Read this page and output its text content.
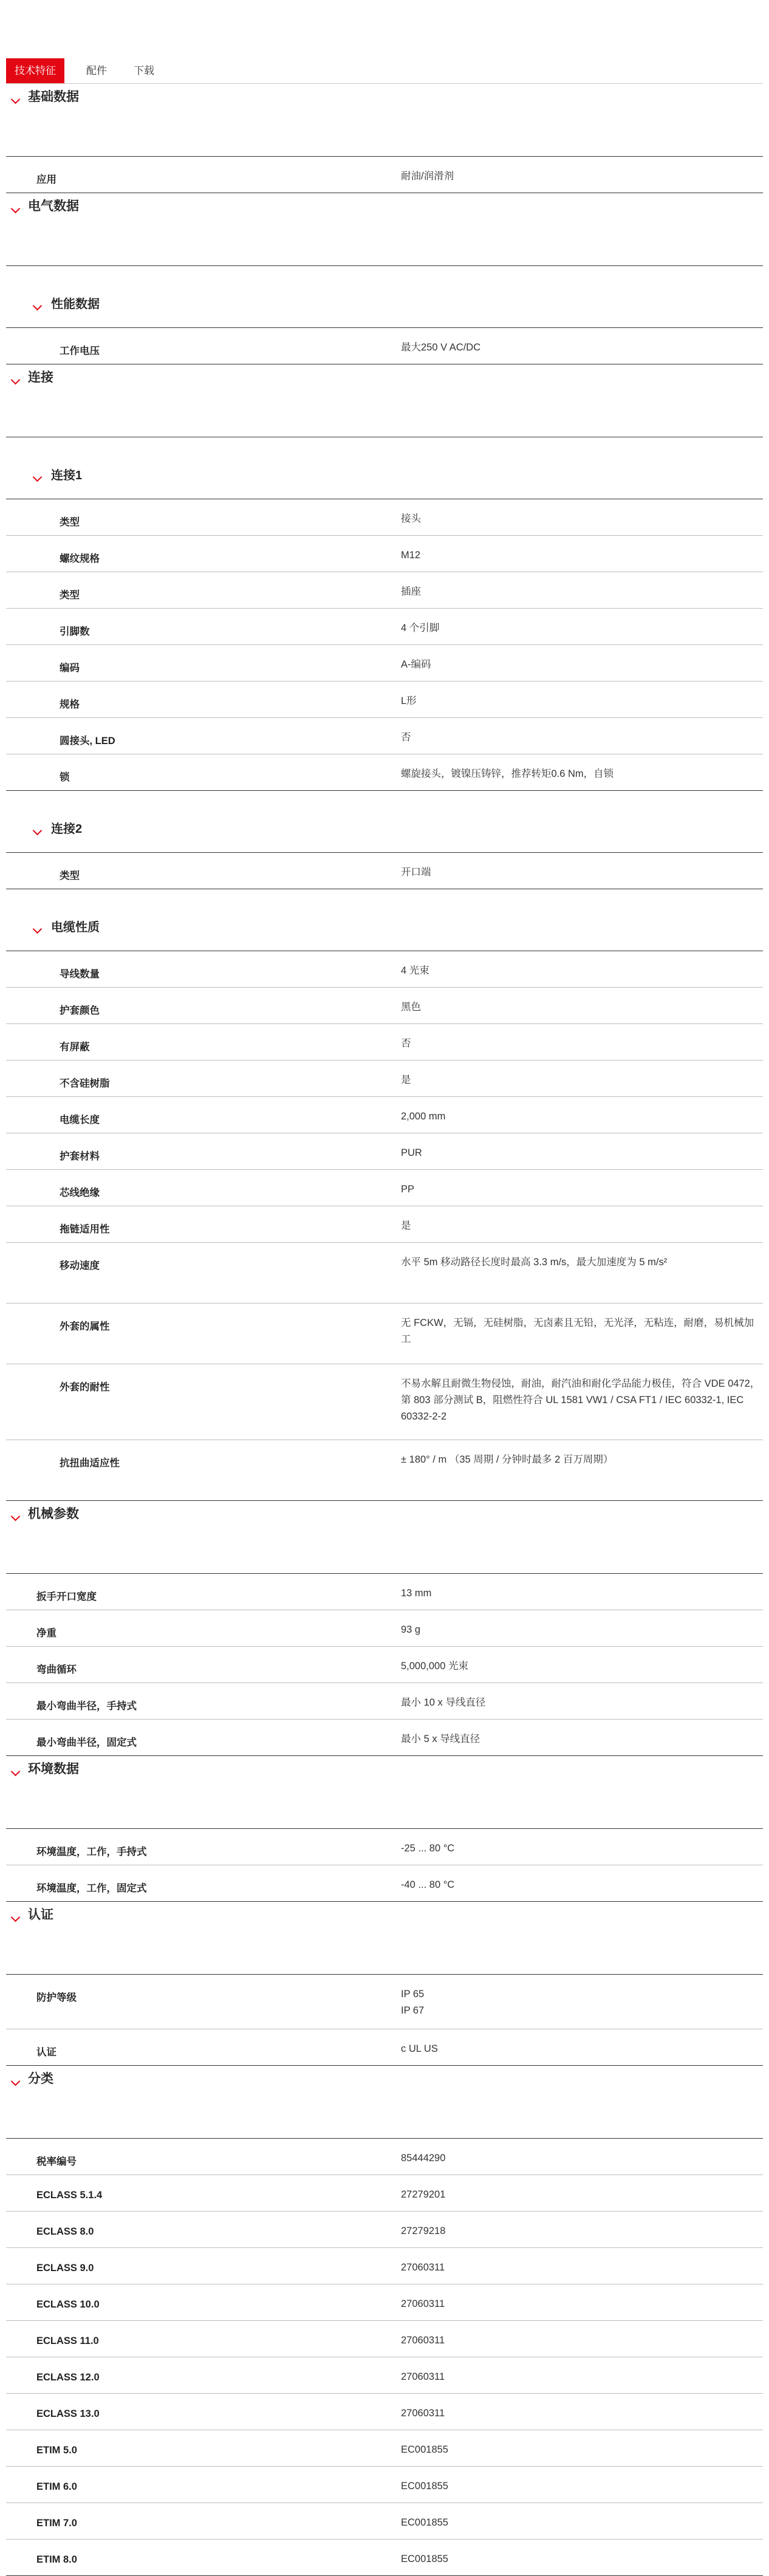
技术特征	配件	下载
基础数据
应用	耐油/润滑剂
电气数据
性能数据
工作电压	最大250 V AC/DC
连接
连接1
类型	接头
螺纹规格	M12
类型	插座
引脚数	4 个引脚
编码	A-编码
规格	L形
圆接头, LED	否
锁	螺旋接头，镀镍压铸锌，推荐转矩0.6 Nm，自锁
连接2
类型	开口端
电缆性质
导线数量	4 光束
护套颜色	黑色
有屏蔽	否
不含硅树脂	是
电缆长度	2,000 mm
护套材料	PUR
芯线绝缘	PP
拖链适用性	是
移动速度	水平 5m 移动路径长度时最高 3.3 m/s，最大加速度为 5 m/s²
外套的属性	无 FCKW，无镉，无硅树脂，无卤素且无铅，无光泽，无粘连，耐磨，易机械加工
外套的耐性	不易水解且耐微生物侵蚀，耐油，耐汽油和耐化学品能力极佳，符合 VDE 0472，第 803 部分测试 B，阻燃性符合 UL 1581 VW1 / CSA FT1 / IEC 60332-1, IEC 60332-2-2
抗扭曲适应性	± 180° / m （35 周期 / 分钟时最多 2 百万周期）
机械参数
扳手开口宽度	13 mm
净重	93 g
弯曲循环	5,000,000 光束
最小弯曲半径，手持式	最小 10 x 导线直径
最小弯曲半径，固定式	最小 5 x 导线直径
环境数据
环境温度，工作，手持式	-25 ... 80 °C
环境温度，工作，固定式	-40 ... 80 °C
认证
防护等级	IP 65
IP 67
认证	c UL US
分类
税率编号	85444290
ECLASS 5.1.4	27279201
ECLASS 8.0	27279218
ECLASS 9.0	27060311
ECLASS 10.0	27060311
ECLASS 11.0	27060311
ECLASS 12.0	27060311
ECLASS 13.0	27060311
ETIM 5.0	EC001855
ETIM 6.0	EC001855
ETIM 7.0	EC001855
ETIM 8.0	EC001855
